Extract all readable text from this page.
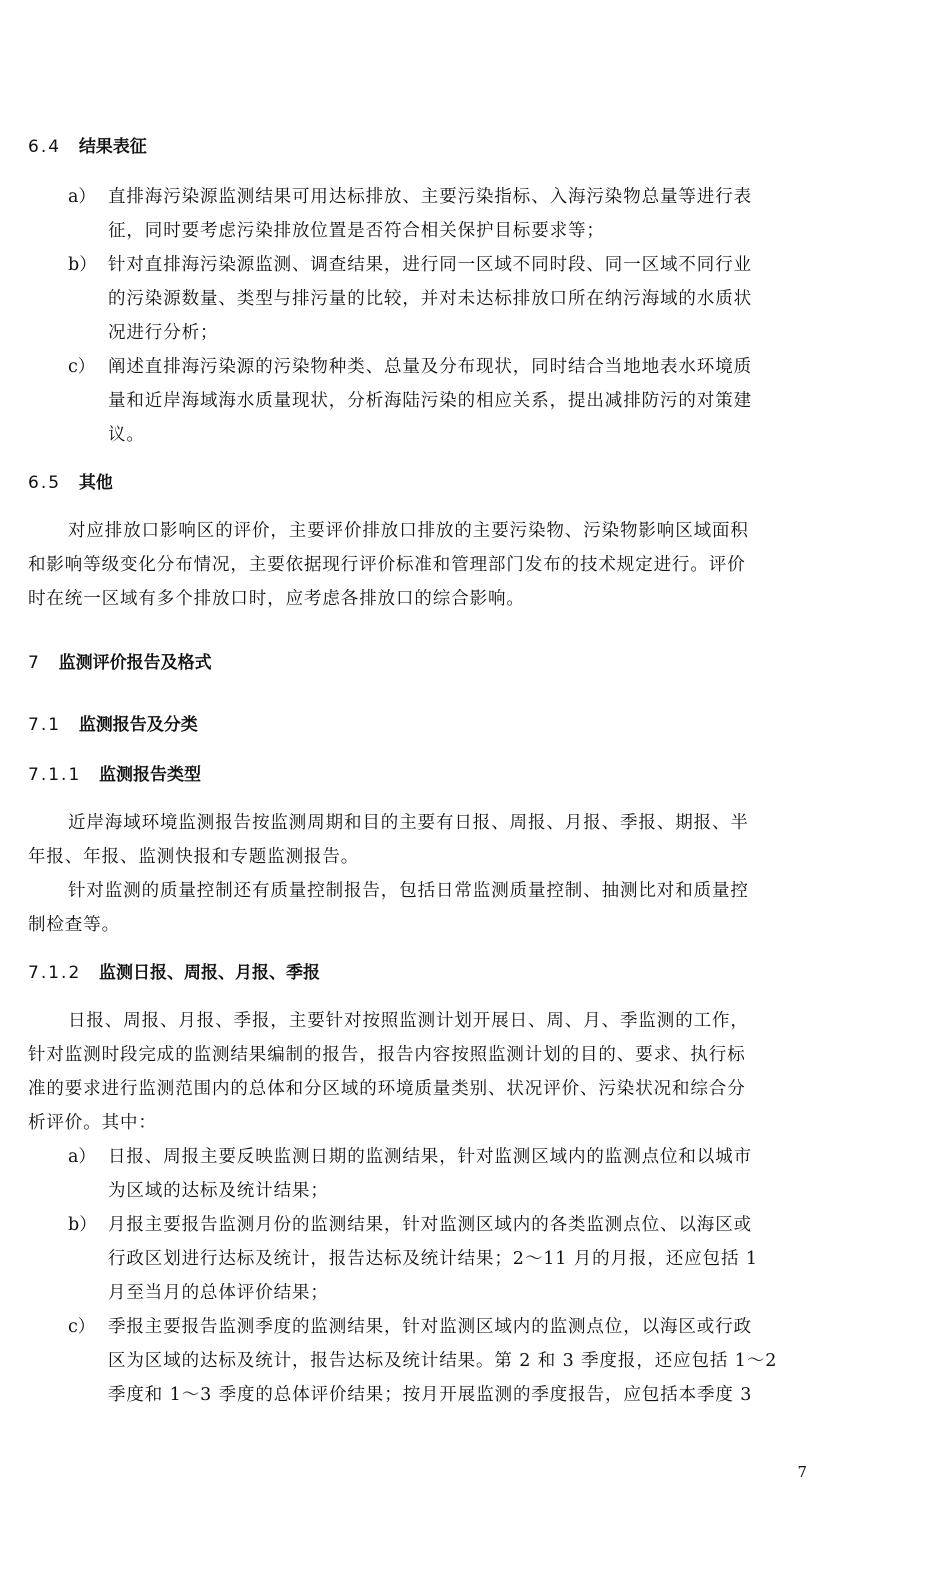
6.4 结果表征
a） 直排海污染源监测结果可用达标排放、主要污染指标、入海污染物总量等进行表
征，同时要考虑污染排放位置是否符合相关保护目标要求等；
b） 针对直排海污染源监测、调查结果，进行同一区域不同时段、同一区域不同行业
的污染源数量、类型与排污量的比较，并对未达标排放口所在纳污海域的水质状
况进行分析；
c） 阐述直排海污染源的污染物种类、总量及分布现状，同时结合当地地表水环境质
量和近岸海域海水质量现状，分析海陆污染的相应关系，提出减排防污的对策建
议。
6.5 其他
对应排放口影响区的评价，主要评价排放口排放的主要污染物、污染物影响区域面积
和影响等级变化分布情况，主要依据现行评价标准和管理部门发布的技术规定进行。评价
时在统一区域有多个排放口时，应考虑各排放口的综合影响。
7 监测评价报告及格式
7.1 监测报告及分类
7.1.1 监测报告类型
近岸海域环境监测报告按监测周期和目的主要有日报、周报、月报、季报、期报、半
年报、年报、监测快报和专题监测报告。
针对监测的质量控制还有质量控制报告，包括日常监测质量控制、抽测比对和质量控
制检查等。
7.1.2 监测日报、周报、月报、季报
日报、周报、月报、季报，主要针对按照监测计划开展日、周、月、季监测的工作，
针对监测时段完成的监测结果编制的报告，报告内容按照监测计划的目的、要求、执行标
准的要求进行监测范围内的总体和分区域的环境质量类别、状况评价、污染状况和综合分
析评价。其中：
a） 日报、周报主要反映监测日期的监测结果，针对监测区域内的监测点位和以城市
为区域的达标及统计结果；
b） 月报主要报告监测月份的监测结果，针对监测区域内的各类监测点位、以海区或
行政区划进行达标及统计，报告达标及统计结果；2～11 月的月报，还应包括 1
月至当月的总体评价结果；
c） 季报主要报告监测季度的监测结果，针对监测区域内的监测点位，以海区或行政
区为区域的达标及统计，报告达标及统计结果。第 2 和 3 季度报，还应包括 1～2
季度和 1～3 季度的总体评价结果；按月开展监测的季度报告，应包括本季度 3
7
